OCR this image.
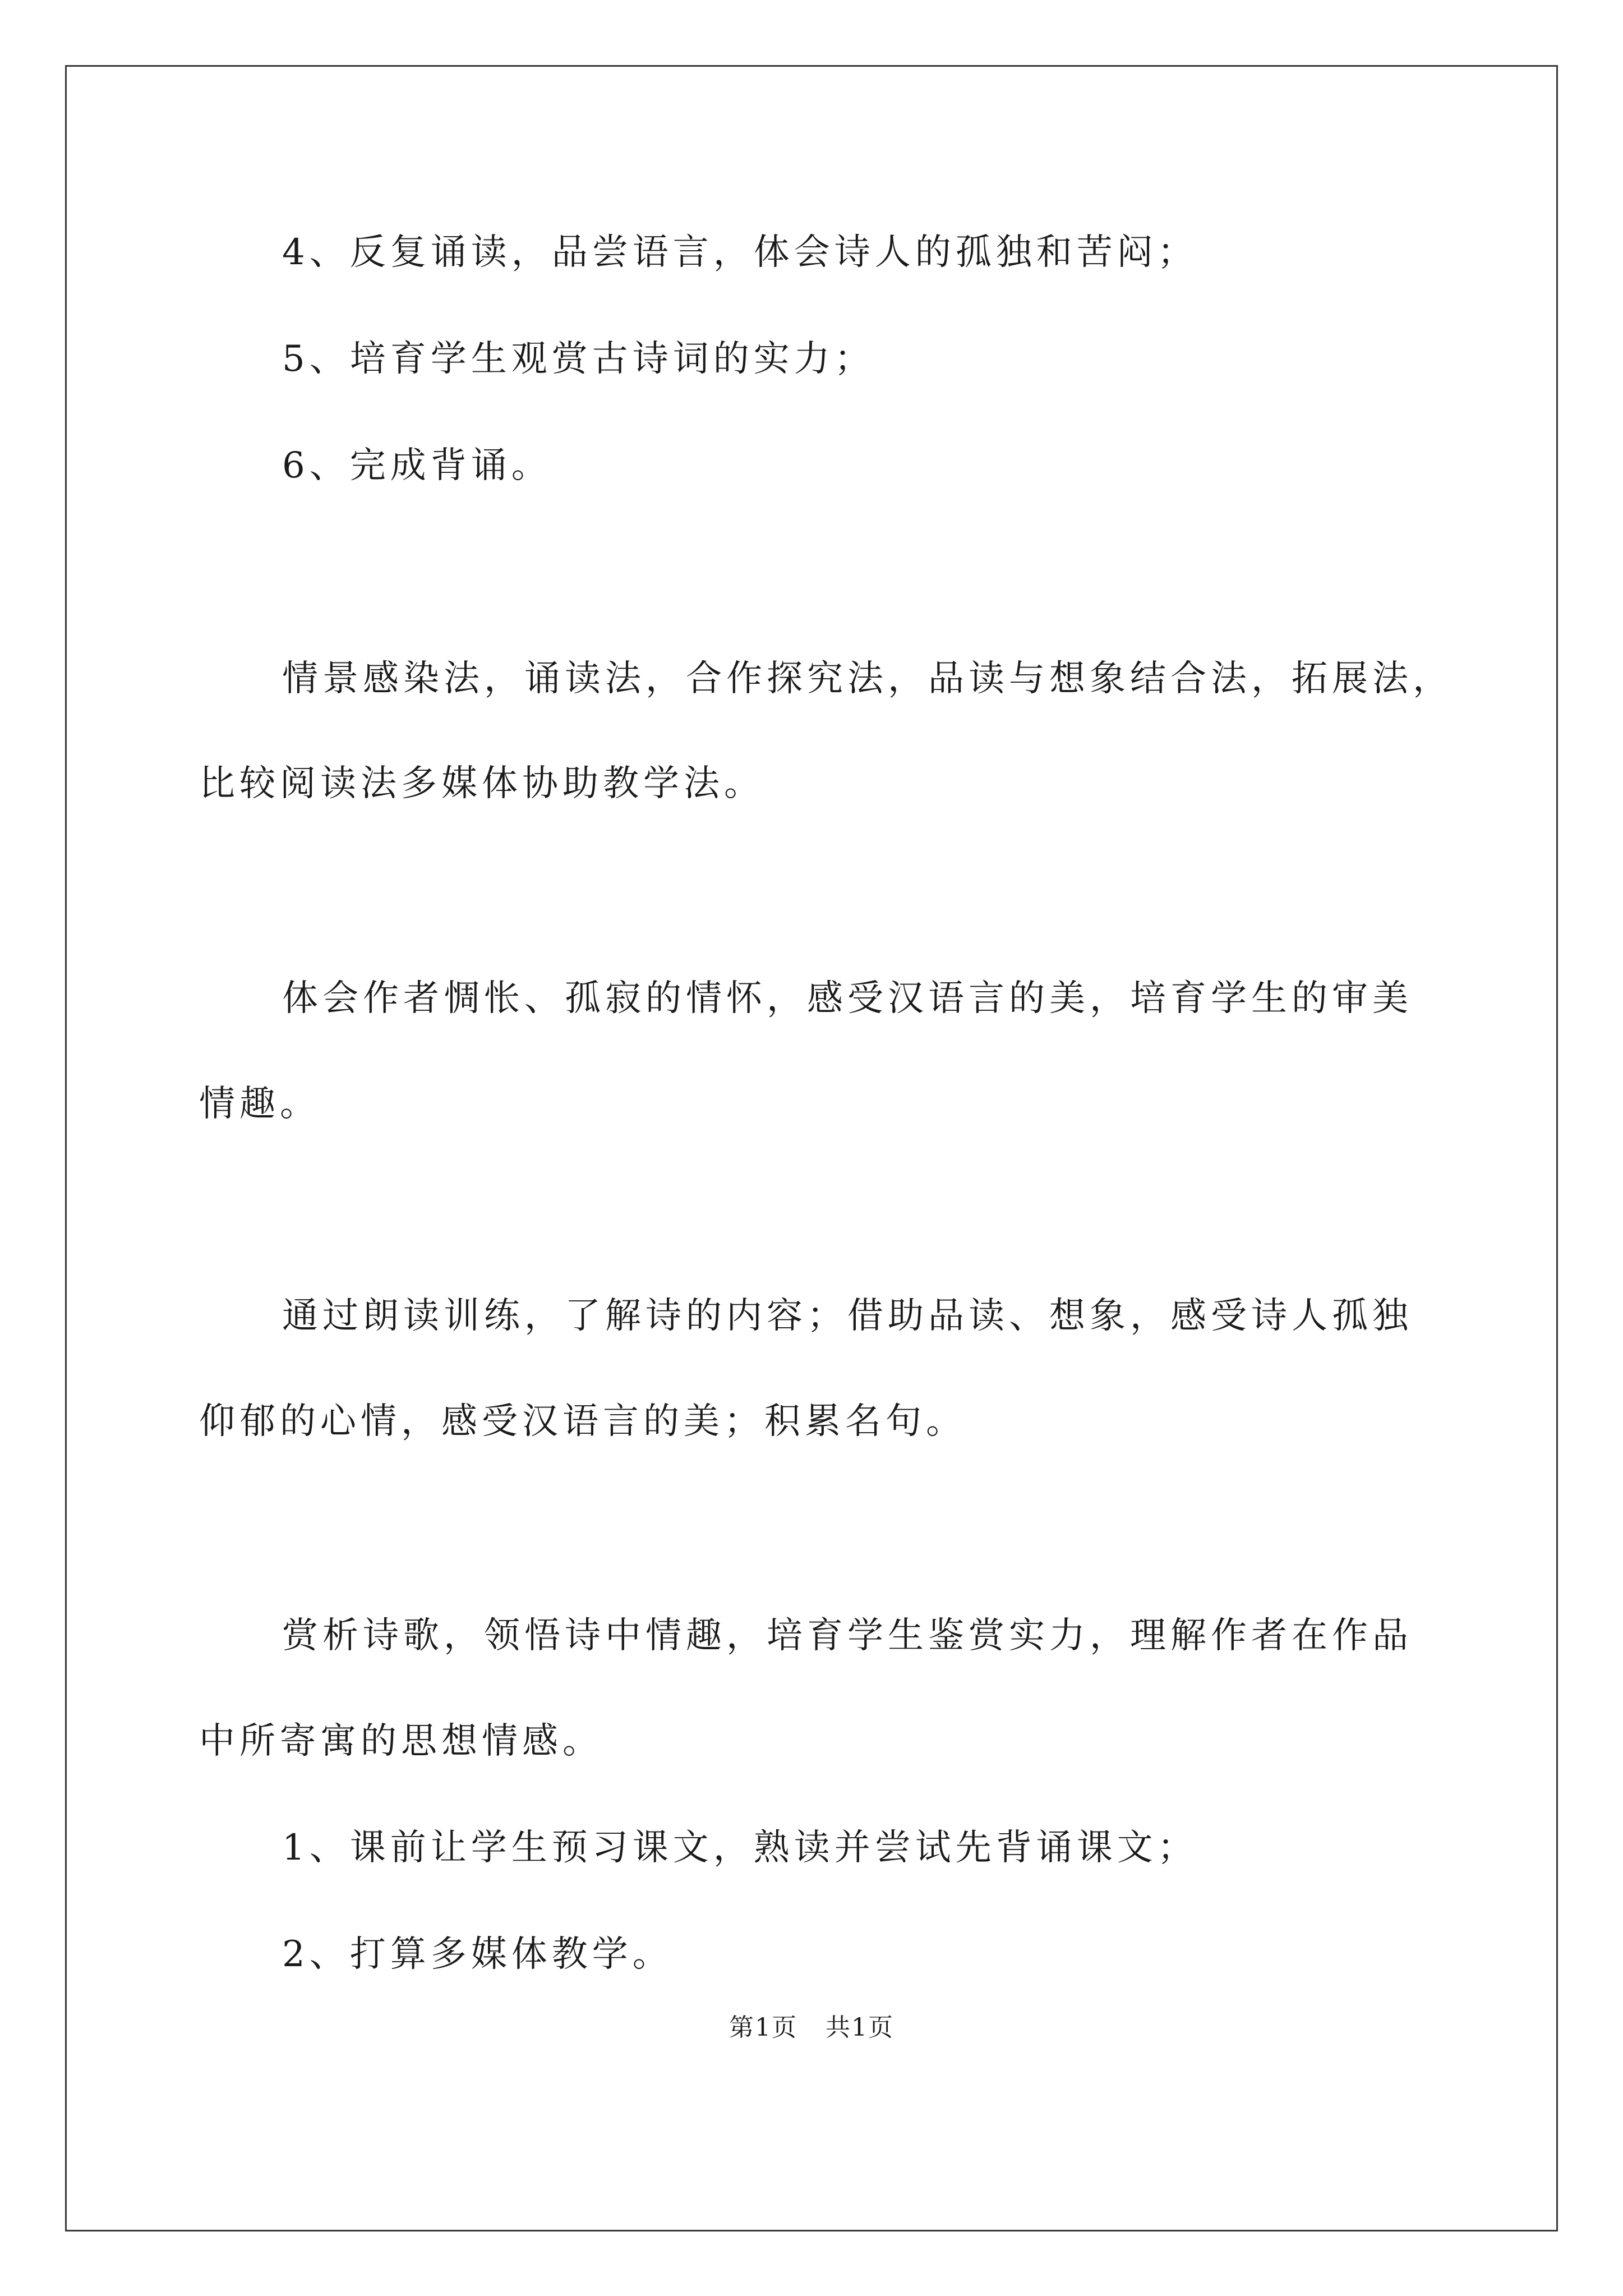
4、反复诵读，品尝语言，体会诗人的孤独和苦闷；
5、培育学生观赏古诗词的实力；
6、完成背诵。
情景感染法，诵读法，合作探究法，品读与想象结合法，拓展法，
比较阅读法多媒体协助教学法。
体会作者惆怅、孤寂的情怀，感受汉语言的美，培育学生的审美
情趣。
通过朗读训练，了解诗的内容；借助品读、想象，感受诗人孤独
仰郁的心情，感受汉语言的美；积累名句。
赏析诗歌，领悟诗中情趣，培育学生鉴赏实力，理解作者在作品
中所寄寓的思想情感。
1、课前让学生预习课文，熟读并尝试先背诵课文；
2、打算多媒体教学。
第1页 共1页
